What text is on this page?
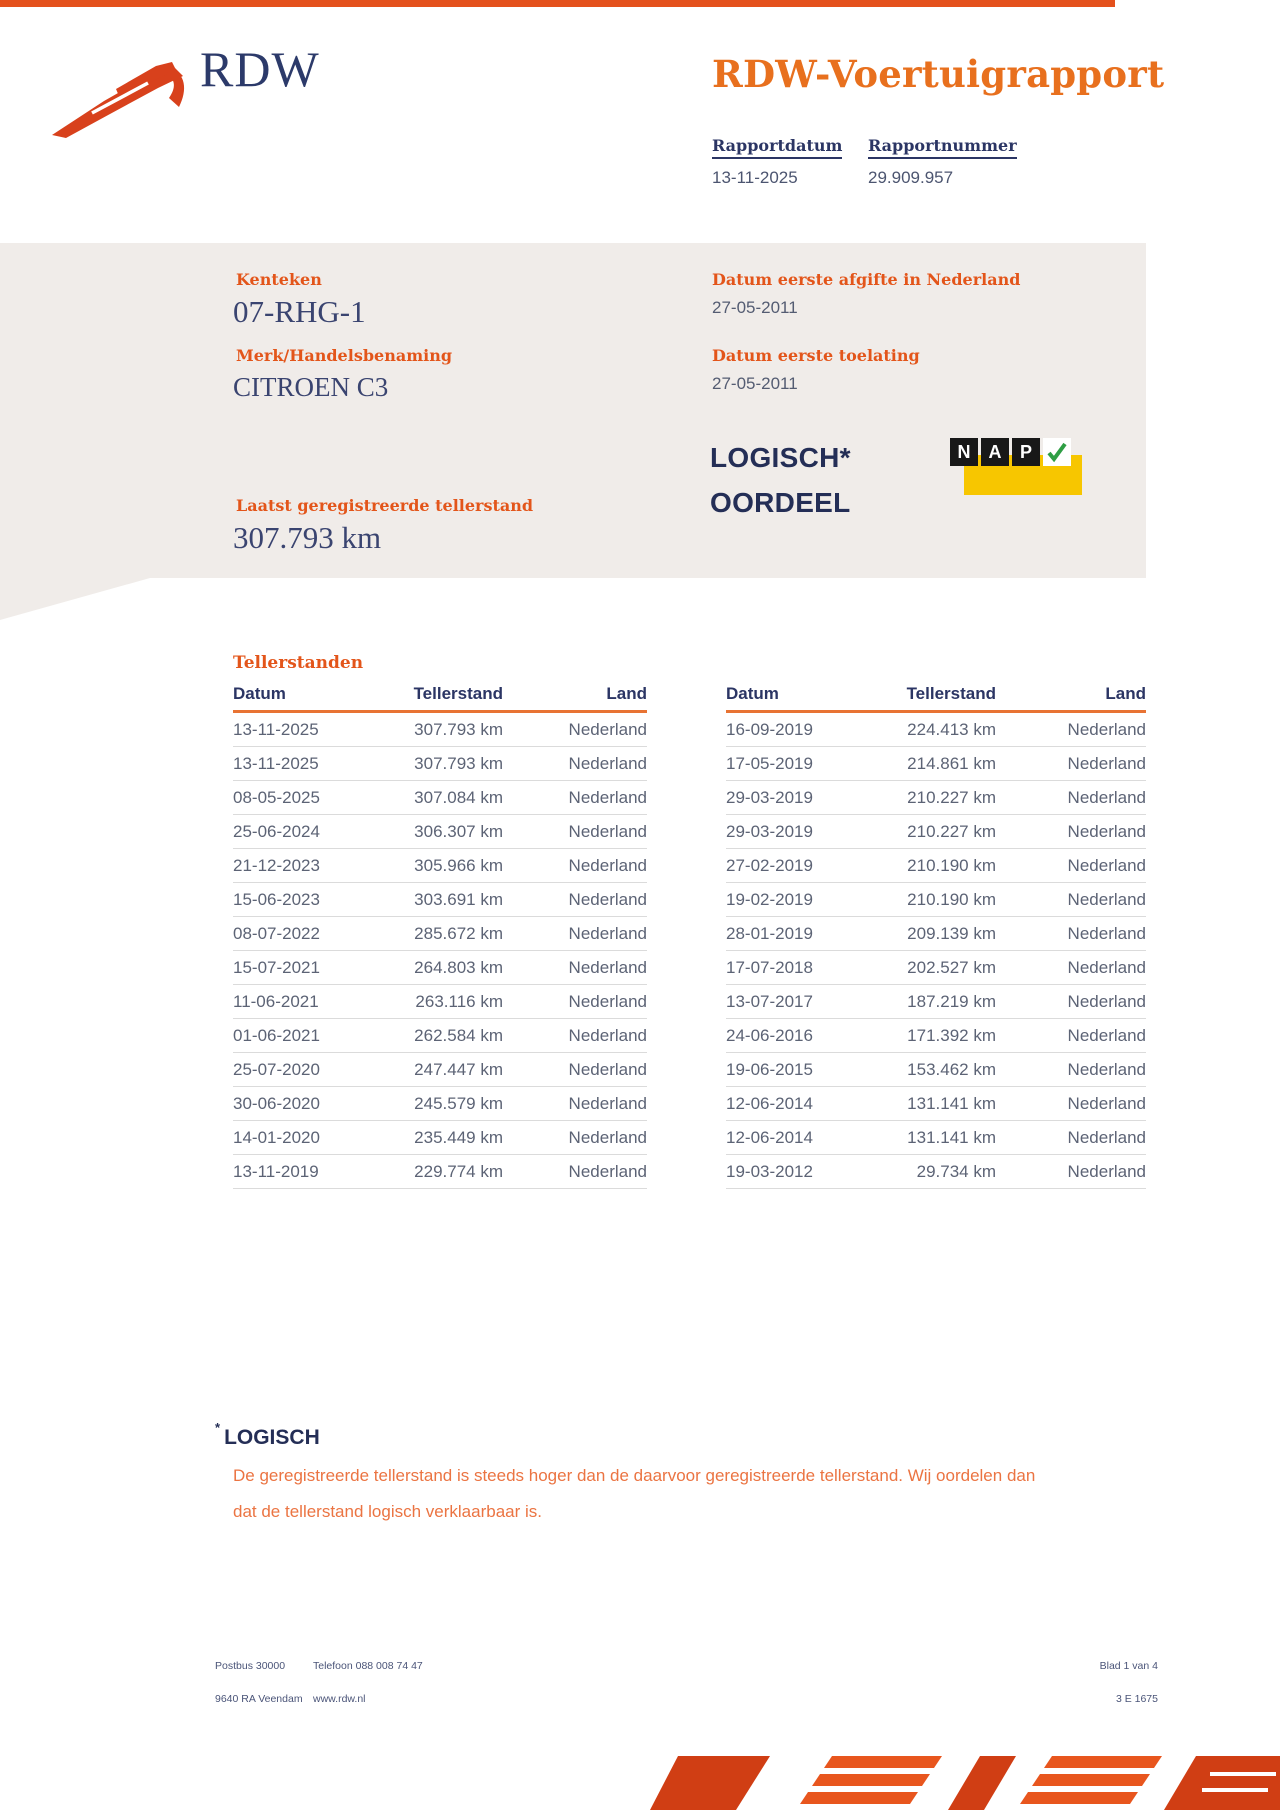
RDW	RDW-Voertuigrapport
Rapportdatum
13-11-2025
Rapportnummer
29.909.957
Kenteken
07-RHG-1
Merk/Handelsbenaming
CITROEN C3
Datum eerste afgifte in Nederland
27-05-2011
Datum eerste toelating
27-05-2011
LOGISCH*
OORDEEL
N	A	P
Laatst geregistreerde tellerstand
307.793 km
Tellerstanden
Datum	Tellerstand	Land
13-11-2025	307.793 km	Nederland
13-11-2025	307.793 km	Nederland
08-05-2025	307.084 km	Nederland
25-06-2024	306.307 km	Nederland
21-12-2023	305.966 km	Nederland
15-06-2023	303.691 km	Nederland
08-07-2022	285.672 km	Nederland
15-07-2021	264.803 km	Nederland
11-06-2021	263.116 km	Nederland
01-06-2021	262.584 km	Nederland
25-07-2020	247.447 km	Nederland
30-06-2020	245.579 km	Nederland
14-01-2020	235.449 km	Nederland
13-11-2019	229.774 km	Nederland
Datum	Tellerstand	Land
16-09-2019	224.413 km	Nederland
17-05-2019	214.861 km	Nederland
29-03-2019	210.227 km	Nederland
29-03-2019	210.227 km	Nederland
27-02-2019	210.190 km	Nederland
19-02-2019	210.190 km	Nederland
28-01-2019	209.139 km	Nederland
17-07-2018	202.527 km	Nederland
13-07-2017	187.219 km	Nederland
24-06-2016	171.392 km	Nederland
19-06-2015	153.462 km	Nederland
12-06-2014	131.141 km	Nederland
12-06-2014	131.141 km	Nederland
19-03-2012	29.734 km	Nederland
* LOGISCH
De geregistreerde tellerstand is steeds hoger dan de daarvoor geregistreerde tellerstand. Wij oordelen dan dat de tellerstand logisch verklaarbaar is.
Postbus 30000
9640 RA Veendam
Telefoon 088 008 74 47
www.rdw.nl
Blad 1 van 4
3 E 1675
